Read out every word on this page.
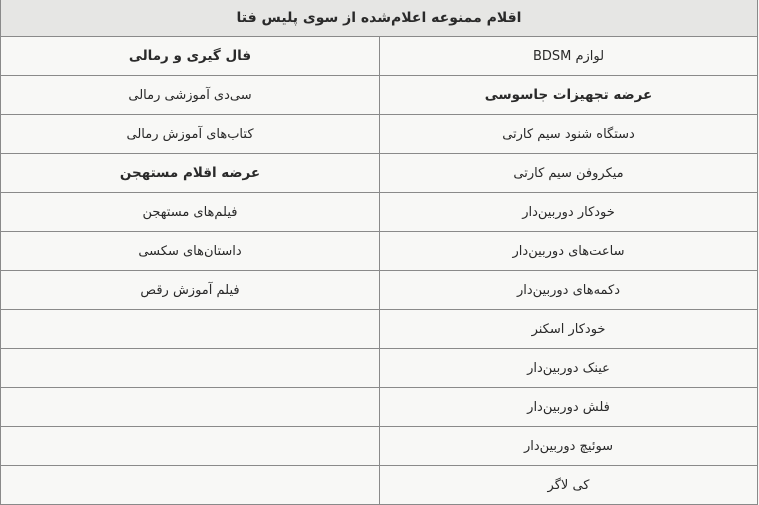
اقلام ممنوعه اعلام‌شده از سوی پلیس فتا	
لوازم BDSM	فال گیری و رمالی
عرضه تجهیزات جاسوسی	سی‌دی آموزشی رمالی
دستگاه شنود سیم کارتی	کتاب‌های آموزش رمالی
میکروفن سیم کارتی	عرضه اقلام مستهجن
خودکار دوربین‌دار	فیلم‌های مستهجن
ساعت‌های دوربین‌دار	داستان‌های سکسی
دکمه‌های دوربین‌دار	فیلم آموزش رقص
خودکار اسکنر	
عینک دوربین‌دار	
فلش دوربین‌دار	
سوئیچ دوربین‌دار	
کی لاگر	
